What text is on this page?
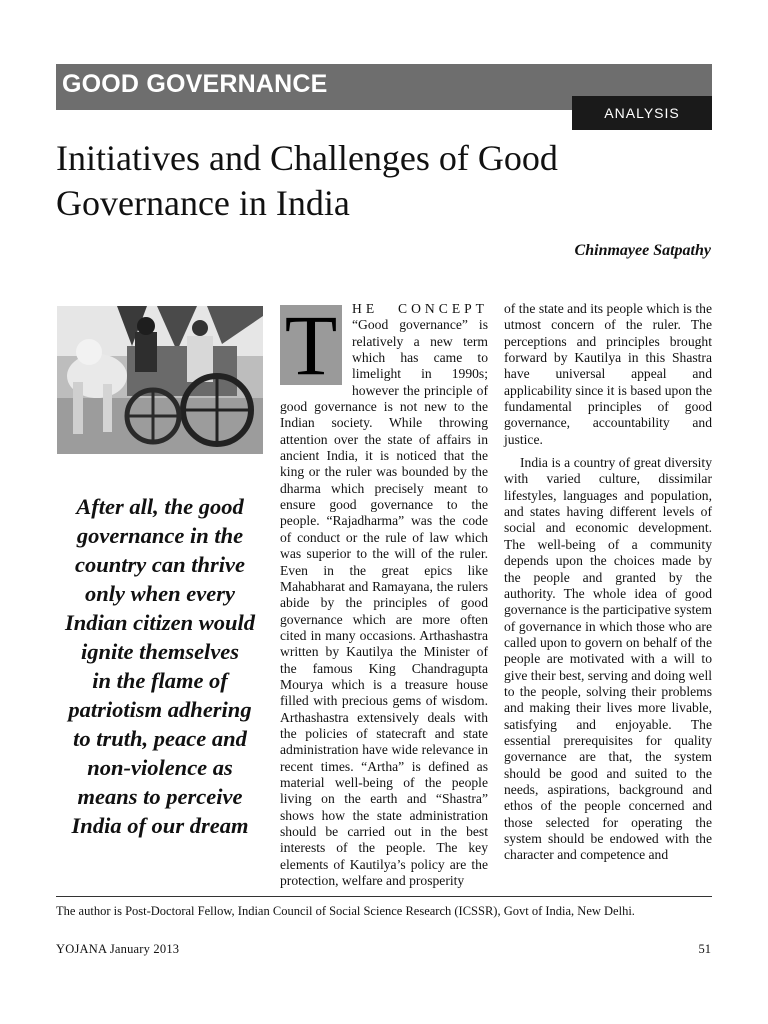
GOOD GOVERNANCE
ANALYSIS
Initiatives and Challenges of Good Governance in India

Chinmayee Satpathy

After all, the good
governance in the
country can thrive
only when every
Indian citizen would
ignite themselves
in the flame of
patriotism adhering
to truth, peace and
non-violence as
means to perceive
India of our dream
T	HE CONCEPT “Good governance” is relatively a new term which has came to limelight in 1990s; however the principle of good governance is not new to the Indian society. While throwing attention over the state of affairs in ancient India, it is noticed that the king or the ruler was bounded by the dharma which precisely meant to ensure good governance to the people. “Rajadharma” was the code of conduct or the rule of law which was superior to the will of the ruler. Even in the great epics like Mahabharat and Ramayana, the rulers abide by the principles of good governance which are more often cited in many occasions. Arthashastra written by Kautilya the Minister of the famous King Chandragupta Mourya which is a treasure house filled with precious gems of wisdom. Arthashastra extensively deals with the policies of statecraft and state administration have wide relevance in recent times. “Artha” is defined as material well-being of the people living on the earth and “Shastra” shows how the state administration should be carried out in the best interests of the people. The key elements of Kautilya’s policy are the protection, welfare and prosperity

of the state and its people which is the utmost concern of the ruler. The perceptions and principles brought forward by Kautilya in this Shastra have universal appeal and applicability since it is based upon the fundamental principles of good governance, accountability and justice.

India is a country of great diversity with varied culture, dissimilar lifestyles, languages and population, and states having different levels of social and economic development. The well-being of a community depends upon the choices made by the people and granted by the authority. The whole idea of good governance is the participative system of governance in which those who are called upon to govern on behalf of the people are motivated with a will to give their best, serving and doing well to the people, solving their problems and making their lives more livable, satisfying and enjoyable. The essential prerequisites for quality governance are that, the system should be good and suited to the needs, aspirations, background and ethos of the people concerned and those selected for operating the system should be endowed with the character and competence and

The author is Post-Doctoral Fellow, Indian Council of Social Science Research (ICSSR), Govt of India, New Delhi.

YOJANA January 2013	51
